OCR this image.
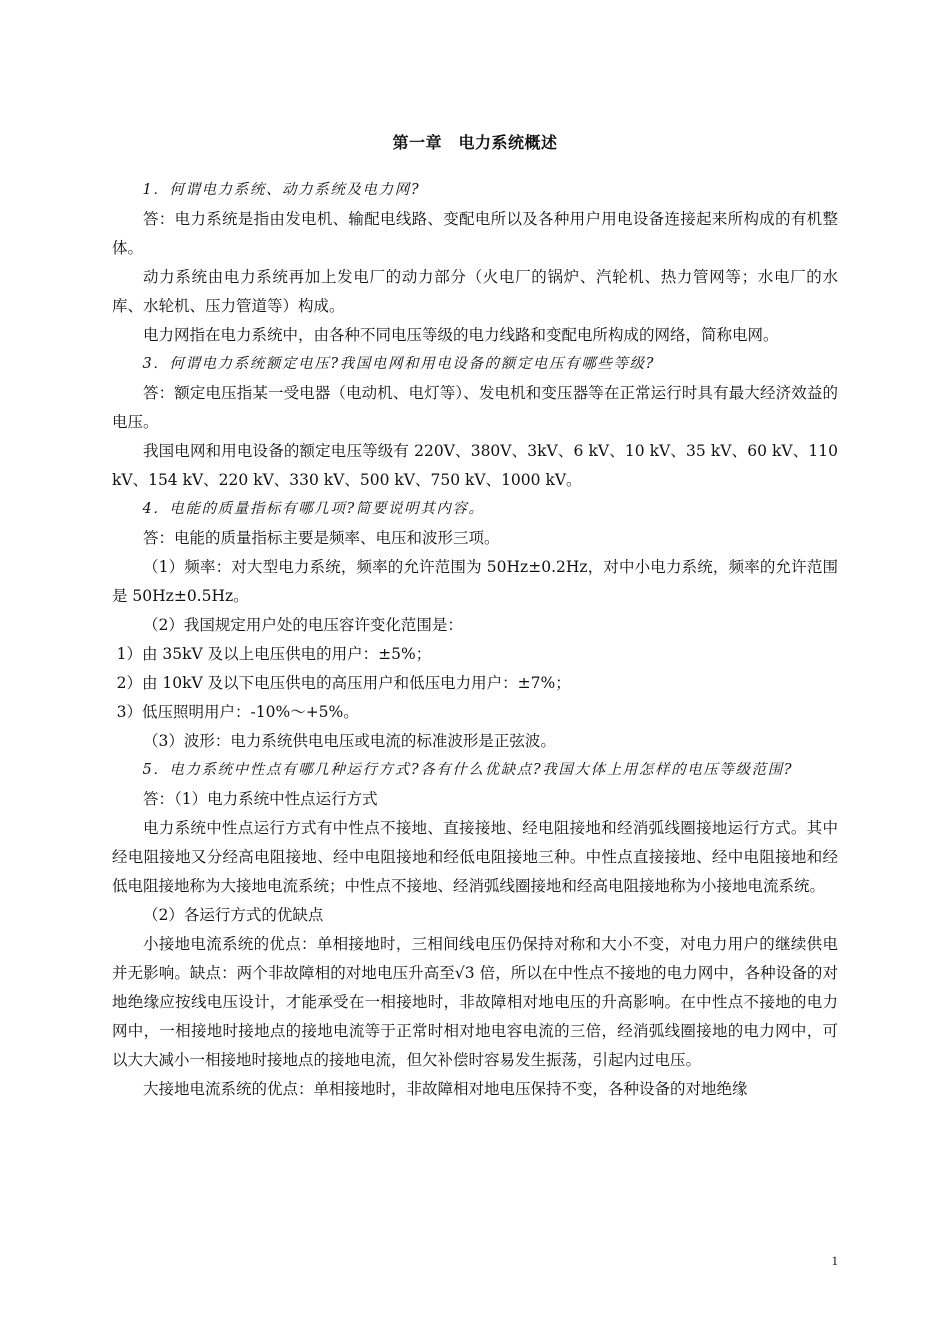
第一章　电力系统概述

1．何谓电力系统、动力系统及电力网?

答：电力系统是指由发电机、输配电线路、变配电所以及各种用户用电设备连接起来所构成的有机整体。

动力系统由电力系统再加上发电厂的动力部分（火电厂的锅炉、汽轮机、热力管网等；水电厂的水库、水轮机、压力管道等）构成。

电力网指在电力系统中，由各种不同电压等级的电力线路和变配电所构成的网络，简称电网。

3．何谓电力系统额定电压?我国电网和用电设备的额定电压有哪些等级?

答：额定电压指某一受电器（电动机、电灯等）、发电机和变压器等在正常运行时具有最大经济效益的电压。

我国电网和用电设备的额定电压等级有 220V、380V、3kV、6 kV、10 kV、35 kV、60 kV、110 kV、154 kV、220 kV、330 kV、500 kV、750 kV、1000 kV。

4．电能的质量指标有哪几项?简要说明其内容。

答：电能的质量指标主要是频率、电压和波形三项。

（1）频率：对大型电力系统，频率的允许范围为 50Hz±0.2Hz，对中小电力系统，频率的允许范围是 50Hz±0.5Hz。

（2）我国规定用户处的电压容许变化范围是：

1）由 35kV 及以上电压供电的用户：±5%；

2）由 10kV 及以下电压供电的高压用户和低压电力用户：±7%；

3）低压照明用户：-10%～+5%。

（3）波形：电力系统供电电压或电流的标准波形是正弦波。

5．电力系统中性点有哪几种运行方式?各有什么优缺点?我国大体上用怎样的电压等级范围?

答：（1）电力系统中性点运行方式

电力系统中性点运行方式有中性点不接地、直接接地、经电阻接地和经消弧线圈接地运行方式。其中经电阻接地又分经高电阻接地、经中电阻接地和经低电阻接地三种。中性点直接接地、经中电阻接地和经低电阻接地称为大接地电流系统；中性点不接地、经消弧线圈接地和经高电阻接地称为小接地电流系统。

（2）各运行方式的优缺点

小接地电流系统的优点：单相接地时，三相间线电压仍保持对称和大小不变，对电力用户的继续供电并无影响。缺点：两个非故障相的对地电压升高至√3 倍，所以在中性点不接地的电力网中，各种设备的对地绝缘应按线电压设计，才能承受在一相接地时，非故障相对地电压的升高影响。在中性点不接地的电力网中，一相接地时接地点的接地电流等于正常时相对地电容电流的三倍，经消弧线圈接地的电力网中，可以大大减小一相接地时接地点的接地电流，但欠补偿时容易发生振荡，引起内过电压。

大接地电流系统的优点：单相接地时，非故障相对地电压保持不变，各种设备的对地绝缘

1
